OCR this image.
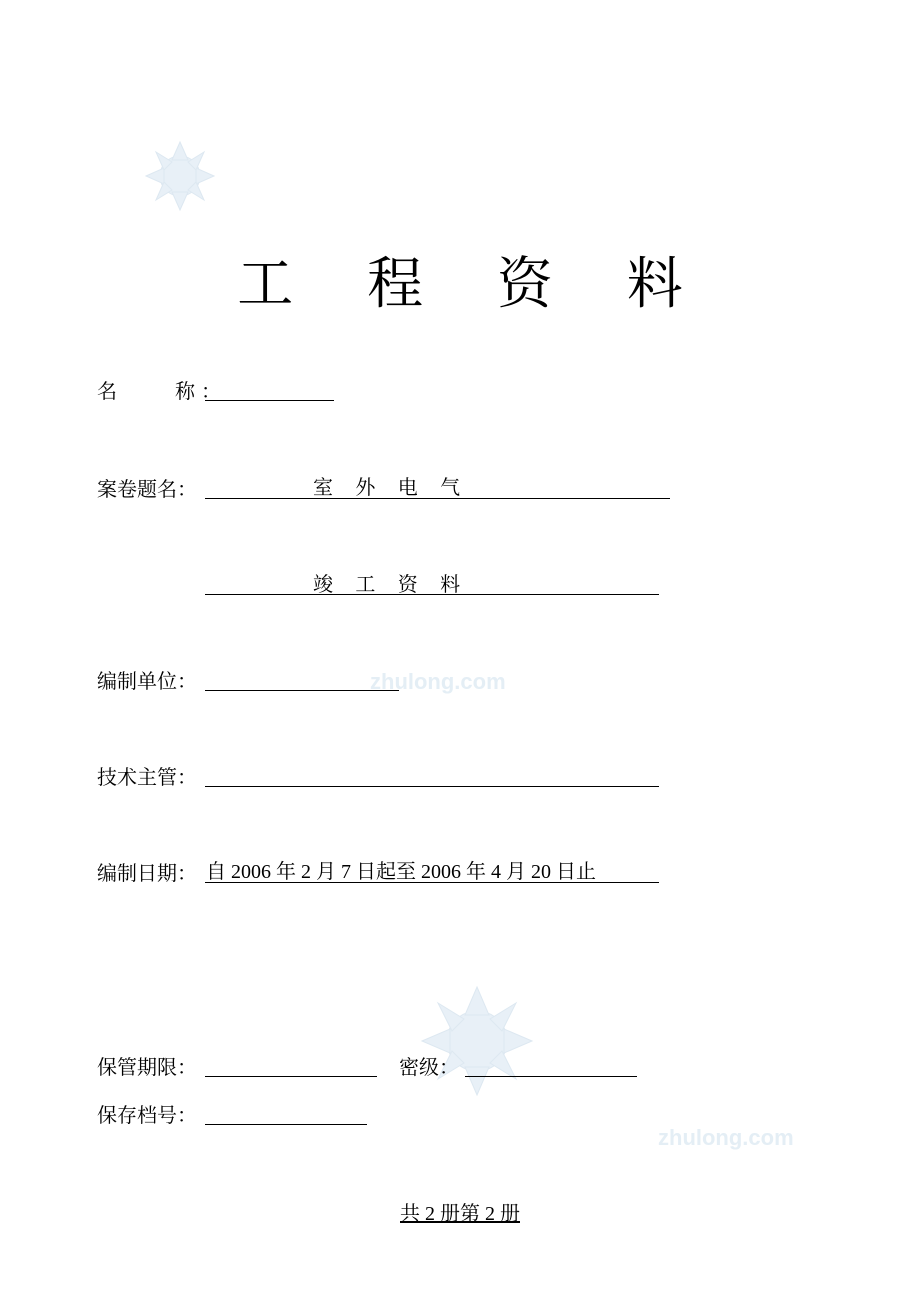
zhulong.com
zhulong.com
工 程 资 料
名　　称：
案卷题名：	室 外 电 气
竣 工 资 料
编制单位：
技术主管：
编制日期： 自 2006 年 2 月 7 日起至 2006 年 4 月 20 日止
保管期限：	密级：
保存档号：
共 2 册第 2 册
